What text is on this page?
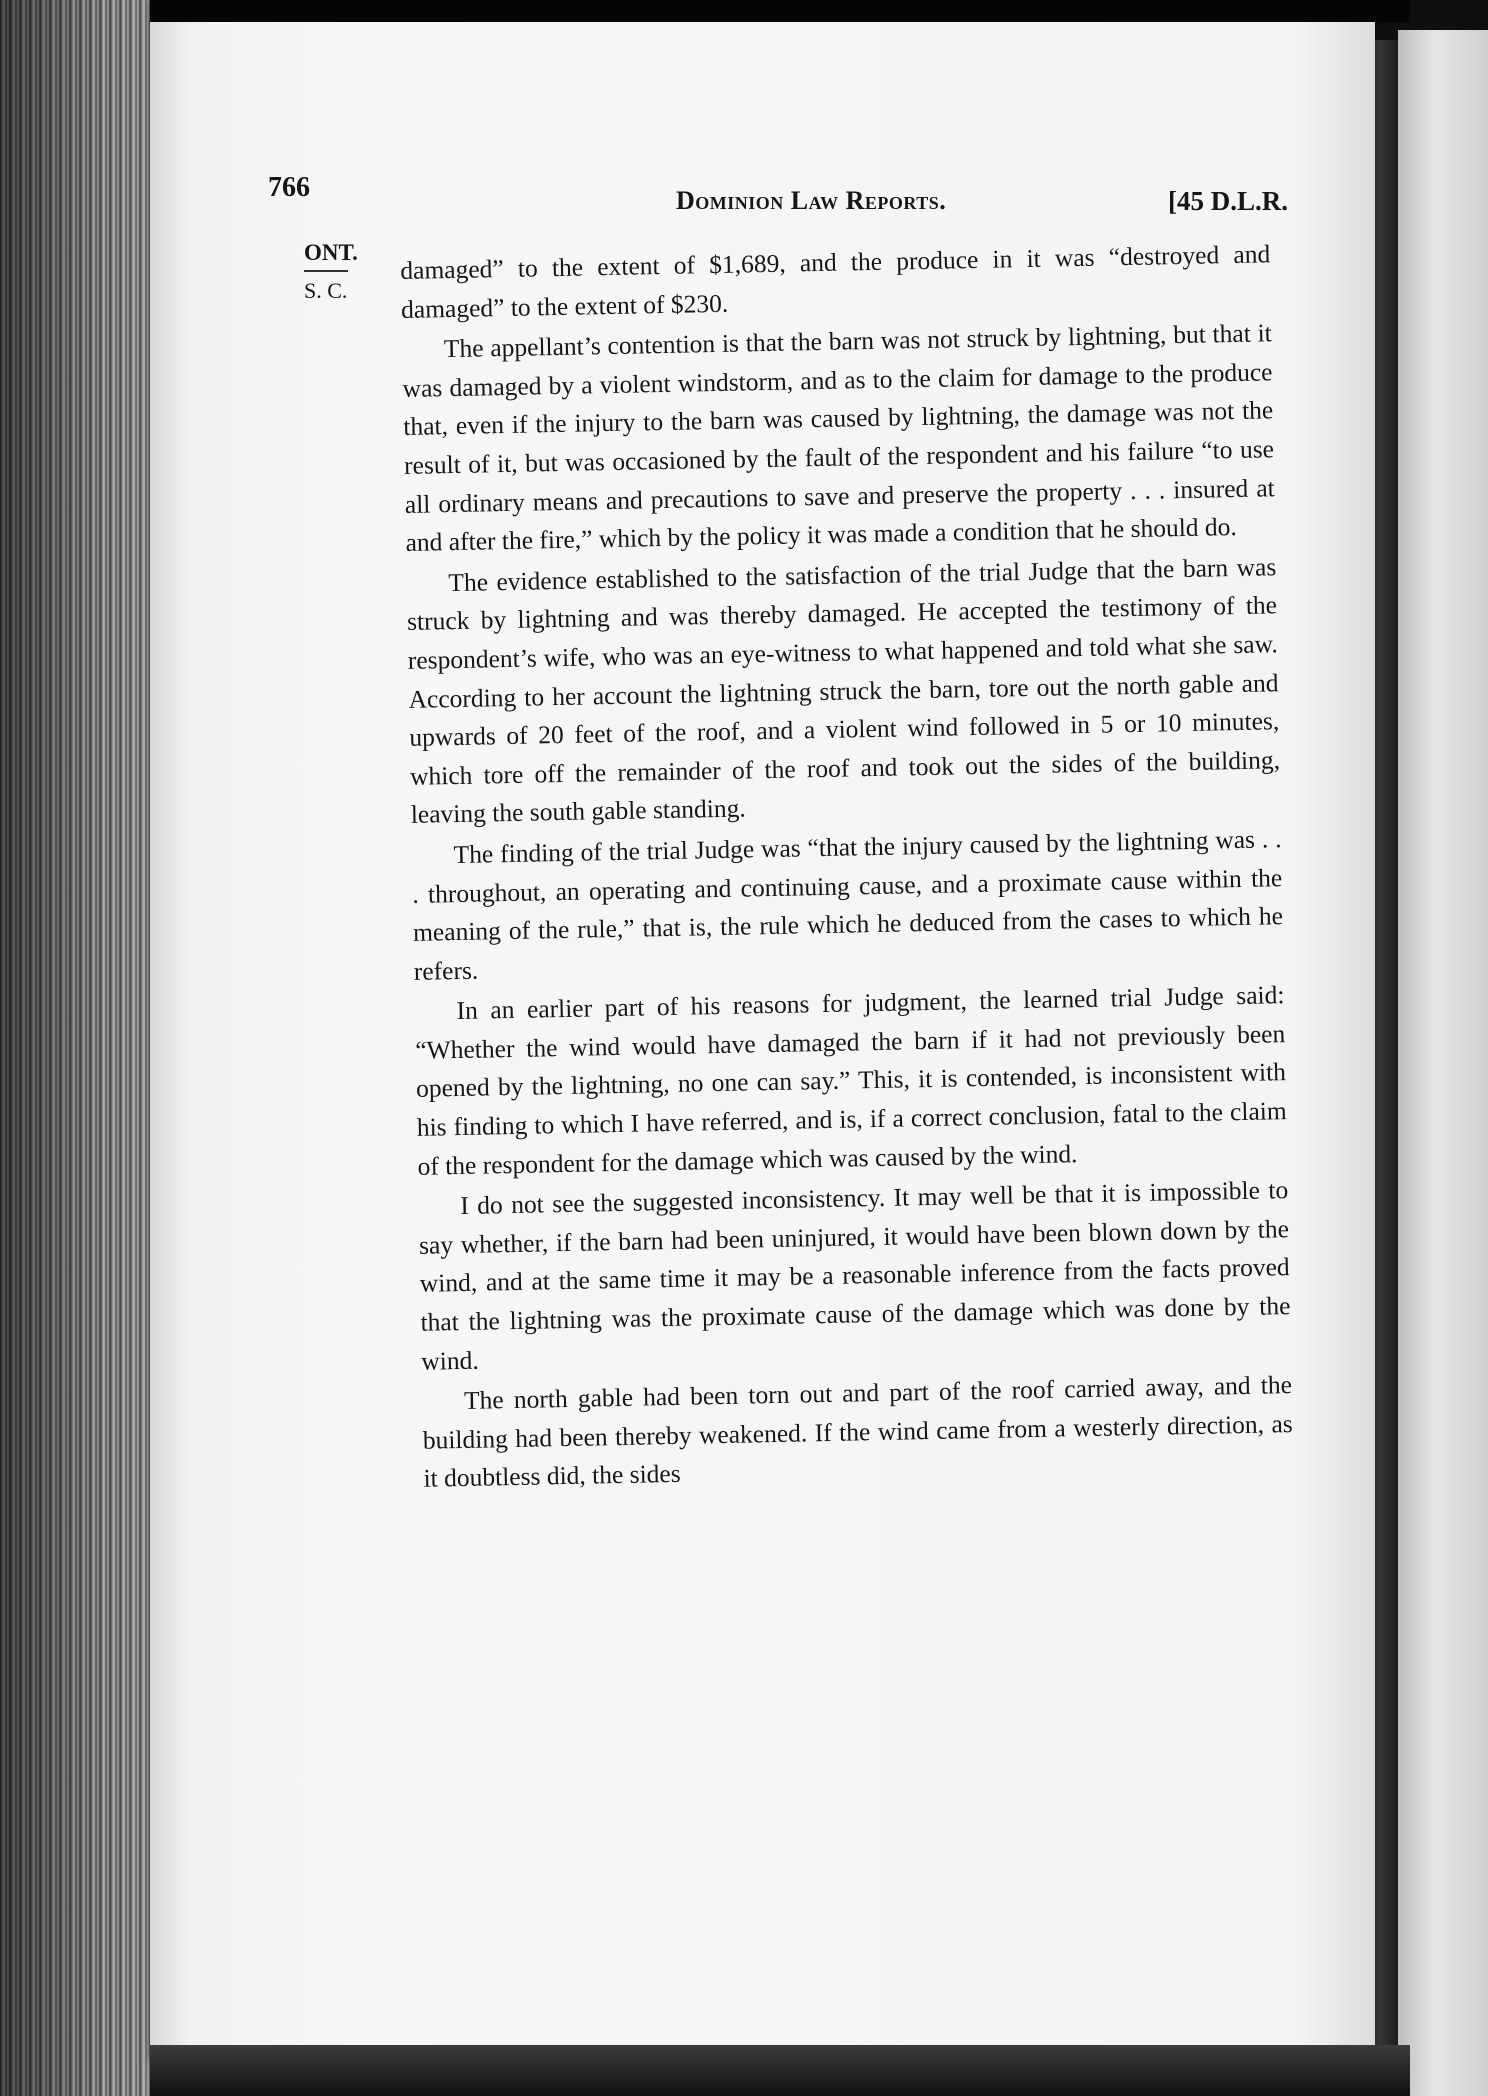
766	Dominion Law Reports.	[45 D.L.R.
ONT.
S. C.

damaged” to the extent of $1,689, and the produce in it was “destroyed and damaged” to the extent of $230.

The appellant’s contention is that the barn was not struck by lightning, but that it was damaged by a violent windstorm, and as to the claim for damage to the produce that, even if the injury to the barn was caused by lightning, the damage was not the result of it, but was occasioned by the fault of the respondent and his failure “to use all ordinary means and precautions to save and preserve the property . . . insured at and after the fire,” which by the policy it was made a condition that he should do.

The evidence established to the satisfaction of the trial Judge that the barn was struck by lightning and was thereby damaged. He accepted the testimony of the respondent’s wife, who was an eye-witness to what happened and told what she saw. According to her account the lightning struck the barn, tore out the north gable and upwards of 20 feet of the roof, and a violent wind followed in 5 or 10 minutes, which tore off the remainder of the roof and took out the sides of the building, leaving the south gable standing.

The finding of the trial Judge was “that the injury caused by the lightning was . . . throughout, an operating and continuing cause, and a proximate cause within the meaning of the rule,” that is, the rule which he deduced from the cases to which he refers.

In an earlier part of his reasons for judgment, the learned trial Judge said: “Whether the wind would have damaged the barn if it had not previously been opened by the lightning, no one can say.” This, it is contended, is inconsistent with his finding to which I have referred, and is, if a correct conclusion, fatal to the claim of the respondent for the damage which was caused by the wind.

I do not see the suggested inconsistency. It may well be that it is impossible to say whether, if the barn had been uninjured, it would have been blown down by the wind, and at the same time it may be a reasonable inference from the facts proved that the lightning was the proximate cause of the damage which was done by the wind.

The north gable had been torn out and part of the roof carried away, and the building had been thereby weakened. If the wind came from a westerly direction, as it doubtless did, the sides
